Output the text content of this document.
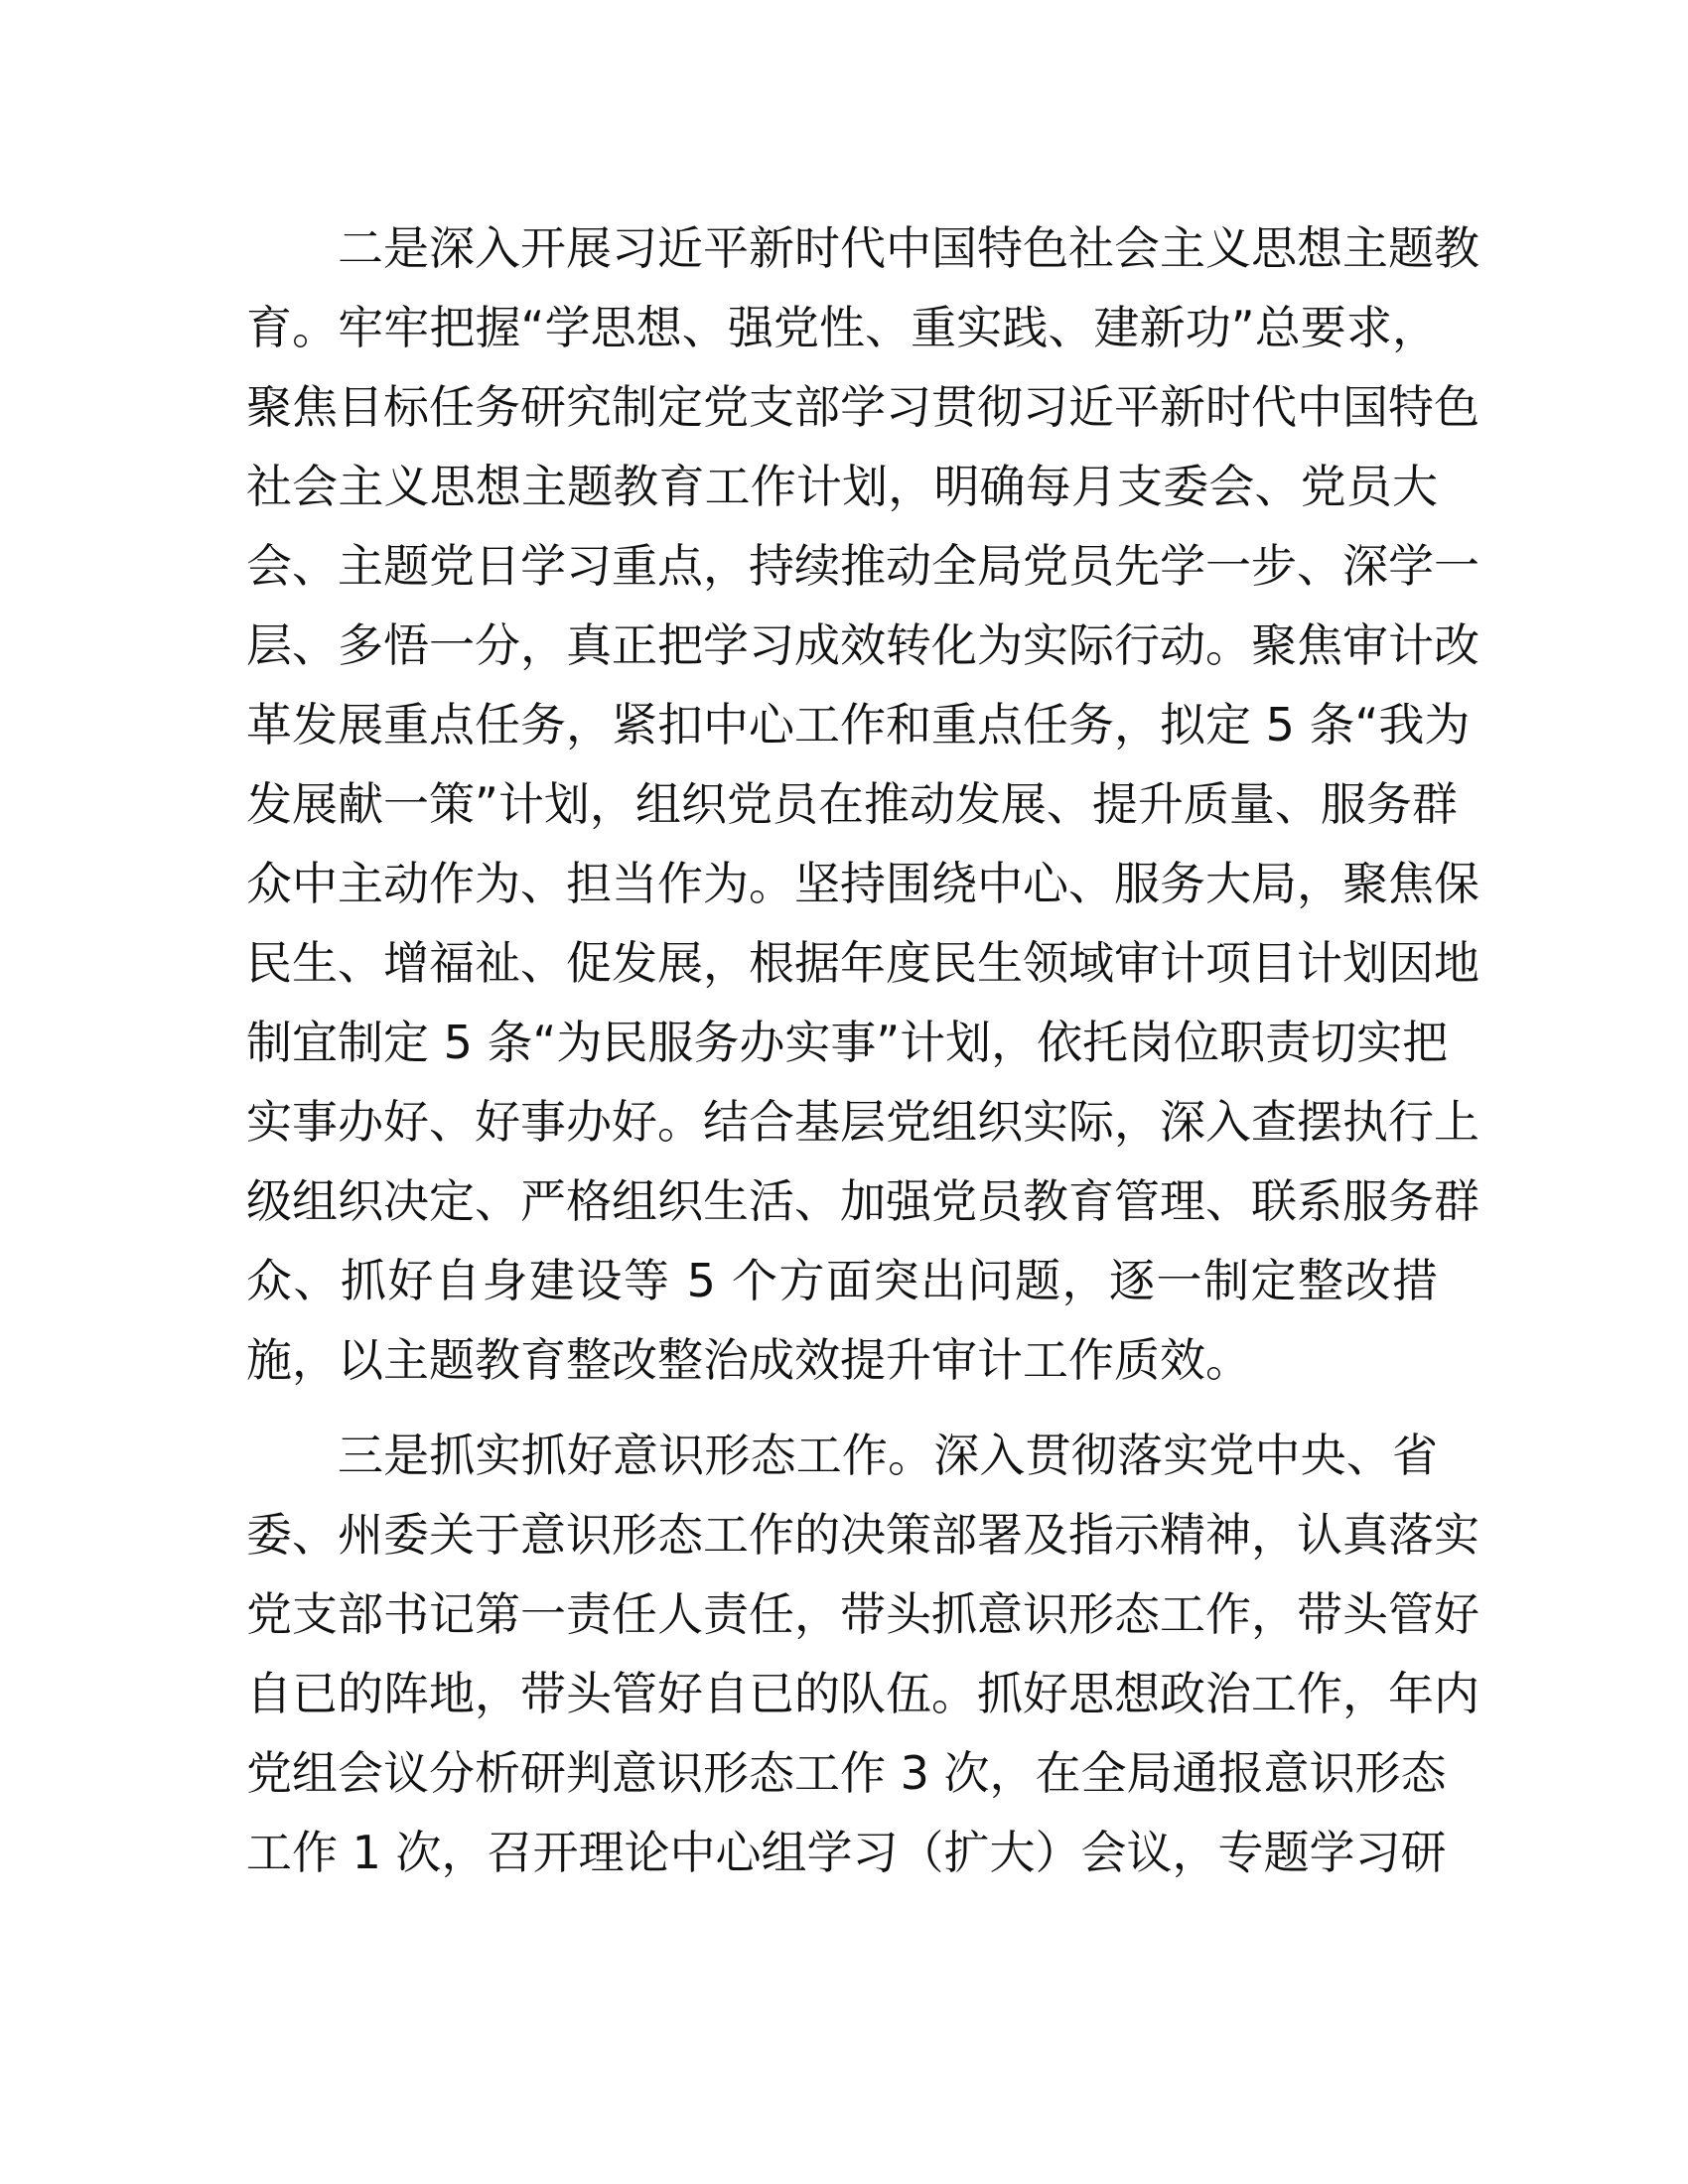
二是深入开展习近平新时代中国特色社会主义思想主题教
育。牢牢把握“学思想、强党性、重实践、建新功”总要求，
聚焦目标任务研究制定党支部学习贯彻习近平新时代中国特色
社会主义思想主题教育工作计划，明确每月支委会、党员大
会、主题党日学习重点，持续推动全局党员先学一步、深学一
层、多悟一分，真正把学习成效转化为实际行动。聚焦审计改
革发展重点任务，紧扣中心工作和重点任务，拟定 5 条“我为
发展献一策”计划，组织党员在推动发展、提升质量、服务群
众中主动作为、担当作为。坚持围绕中心、服务大局，聚焦保
民生、增福祉、促发展，根据年度民生领域审计项目计划因地
制宜制定 5 条“为民服务办实事”计划，依托岗位职责切实把
实事办好、好事办好。结合基层党组织实际，深入查摆执行上
级组织决定、严格组织生活、加强党员教育管理、联系服务群
众、抓好自身建设等 5 个方面突出问题，逐一制定整改措
施，以主题教育整改整治成效提升审计工作质效。
三是抓实抓好意识形态工作。深入贯彻落实党中央、省
委、州委关于意识形态工作的决策部署及指示精神，认真落实
党支部书记第一责任人责任，带头抓意识形态工作，带头管好
自已的阵地，带头管好自已的队伍。抓好思想政治工作，年内
党组会议分析研判意识形态工作 3 次，在全局通报意识形态
工作 1 次，召开理论中心组学习（扩大）会议，专题学习研
